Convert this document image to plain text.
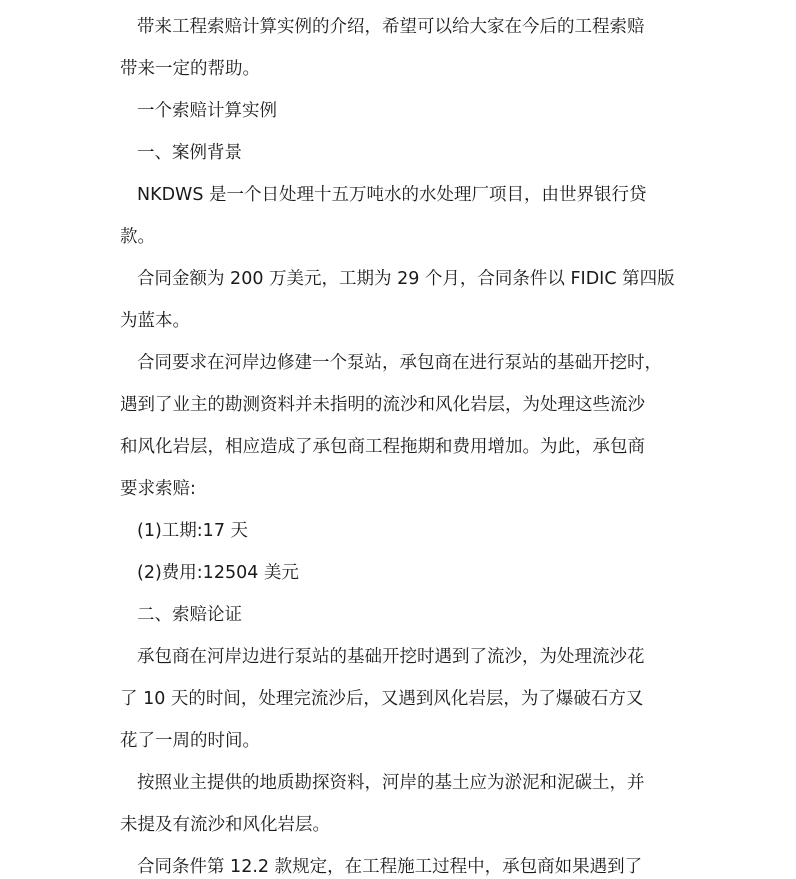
带来工程索赔计算实例的介绍，希望可以给大家在今后的工程索赔
带来一定的帮助。
一个索赔计算实例
一、案例背景
NKDWS 是一个日处理十五万吨水的水处理厂项目，由世界银行贷
款。
合同金额为 200 万美元，工期为 29 个月，合同条件以 FIDIC 第四版
为蓝本。
合同要求在河岸边修建一个泵站，承包商在进行泵站的基础开挖时，
遇到了业主的勘测资料并未指明的流沙和风化岩层，为处理这些流沙
和风化岩层，相应造成了承包商工程拖期和费用增加。为此，承包商
要求索赔:
(1)工期:17 天
(2)费用:12504 美元
二、索赔论证
承包商在河岸边进行泵站的基础开挖时遇到了流沙，为处理流沙花
了 10 天的时间，处理完流沙后，又遇到风化岩层，为了爆破石方又
花了一周的时间。
按照业主提供的地质勘探资料，河岸的基土应为淤泥和泥碳土，并
未提及有流沙和风化岩层。
合同条件第 12.2 款规定，在工程施工过程中，承包商如果遇到了
